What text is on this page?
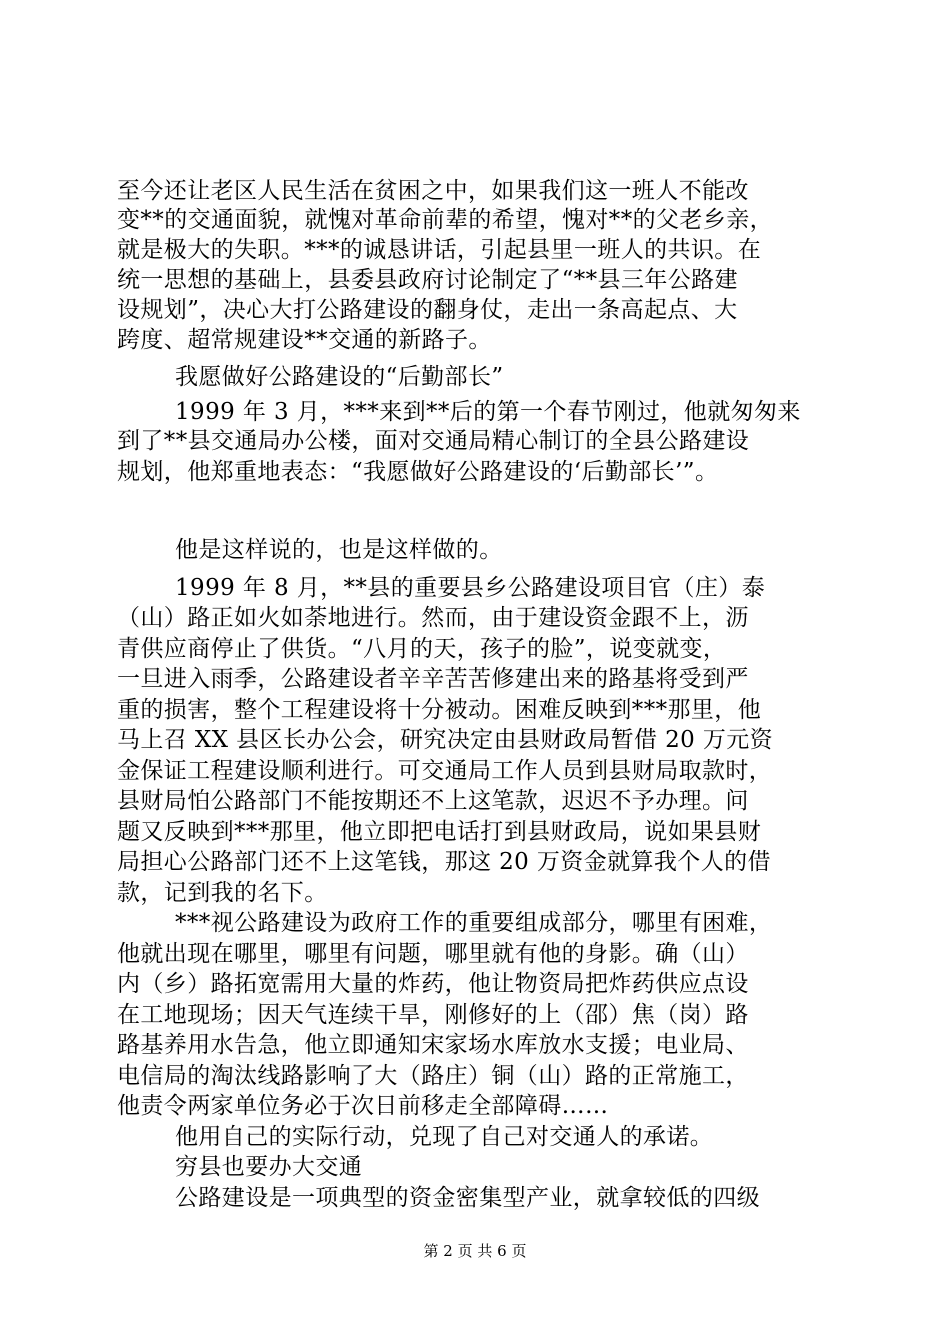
至今还让老区人民生活在贫困之中，如果我们这一班人不能改
变**的交通面貌，就愧对革命前辈的希望，愧对**的父老乡亲，
就是极大的失职。***的诚恳讲话，引起县里一班人的共识。在
统一思想的基础上，县委县政府讨论制定了“**县三年公路建
设规划”，决心大打公路建设的翻身仗，走出一条高起点、大
跨度、超常规建设**交通的新路子。
我愿做好公路建设的“后勤部长”
1999 年 3 月，***来到**后的第一个春节刚过，他就匆匆来
到了**县交通局办公楼，面对交通局精心制订的全县公路建设
规划，他郑重地表态：“我愿做好公路建设的‘后勤部长’”。
他是这样说的，也是这样做的。
1999 年 8 月，**县的重要县乡公路建设项目官（庄）泰
（山）路正如火如荼地进行。然而，由于建设资金跟不上，沥
青供应商停止了供货。“八月的天，孩子的脸”，说变就变，
一旦进入雨季，公路建设者辛辛苦苦修建出来的路基将受到严
重的损害，整个工程建设将十分被动。困难反映到***那里，他
马上召 XX 县区长办公会，研究决定由县财政局暂借 20 万元资
金保证工程建设顺利进行。可交通局工作人员到县财局取款时，
县财局怕公路部门不能按期还不上这笔款，迟迟不予办理。问
题又反映到***那里，他立即把电话打到县财政局，说如果县财
局担心公路部门还不上这笔钱，那这 20 万资金就算我个人的借
款，记到我的名下。
***视公路建设为政府工作的重要组成部分，哪里有困难，
他就出现在哪里，哪里有问题，哪里就有他的身影。确（山）
内（乡）路拓宽需用大量的炸药，他让物资局把炸药供应点设
在工地现场；因天气连续干旱，刚修好的上（邵）焦（岗）路
路基养用水告急，他立即通知宋家场水库放水支援；电业局、
电信局的淘汰线路影响了大（路庄）铜（山）路的正常施工，
他责令两家单位务必于次日前移走全部障碍……
他用自己的实际行动，兑现了自己对交通人的承诺。
穷县也要办大交通
公路建设是一项典型的资金密集型产业，就拿较低的四级
第 2 页 共 6 页
